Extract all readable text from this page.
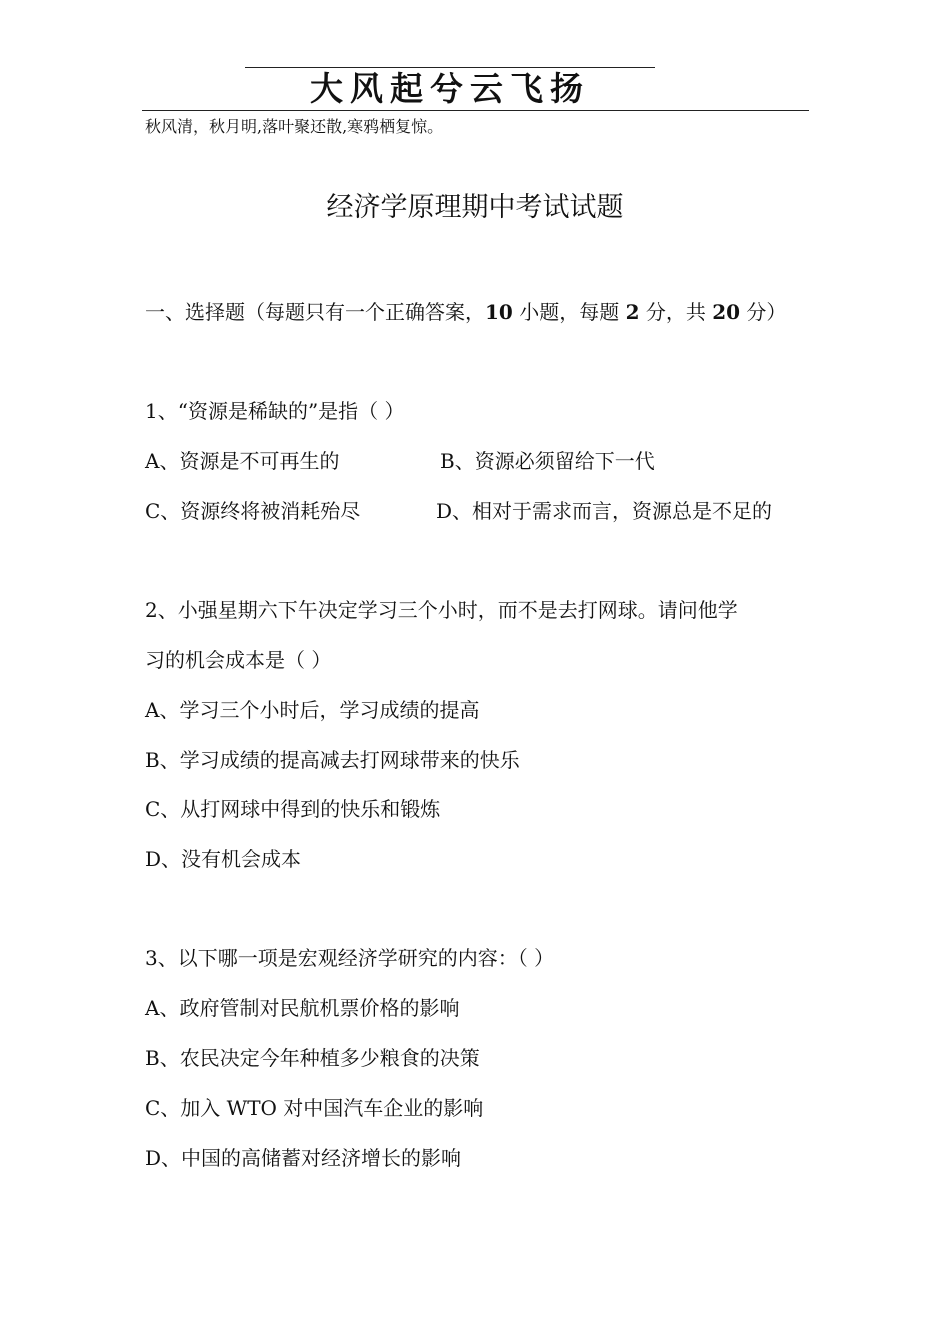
大风起兮云飞扬
秋风清，秋月明,落叶聚还散,寒鸦栖复惊。
经济学原理期中考试试题
一、选择题（每题只有一个正确答案，10 小题，每题 2 分，共 20 分）
1、“资源是稀缺的”是指（ ）
A、资源是不可再生的	B、资源必须留给下一代
C、资源终将被消耗殆尽	D、相对于需求而言，资源总是不足的
2、小强星期六下午决定学习三个小时，而不是去打网球。请问他学
习的机会成本是（ ）
A、学习三个小时后，学习成绩的提高
B、学习成绩的提高减去打网球带来的快乐
C、从打网球中得到的快乐和锻炼
D、没有机会成本
3、以下哪一项是宏观经济学研究的内容：（ ）
A、政府管制对民航机票价格的影响
B、农民决定今年种植多少粮食的决策
C、加入 WTO 对中国汽车企业的影响
D、中国的高储蓄对经济增长的影响
